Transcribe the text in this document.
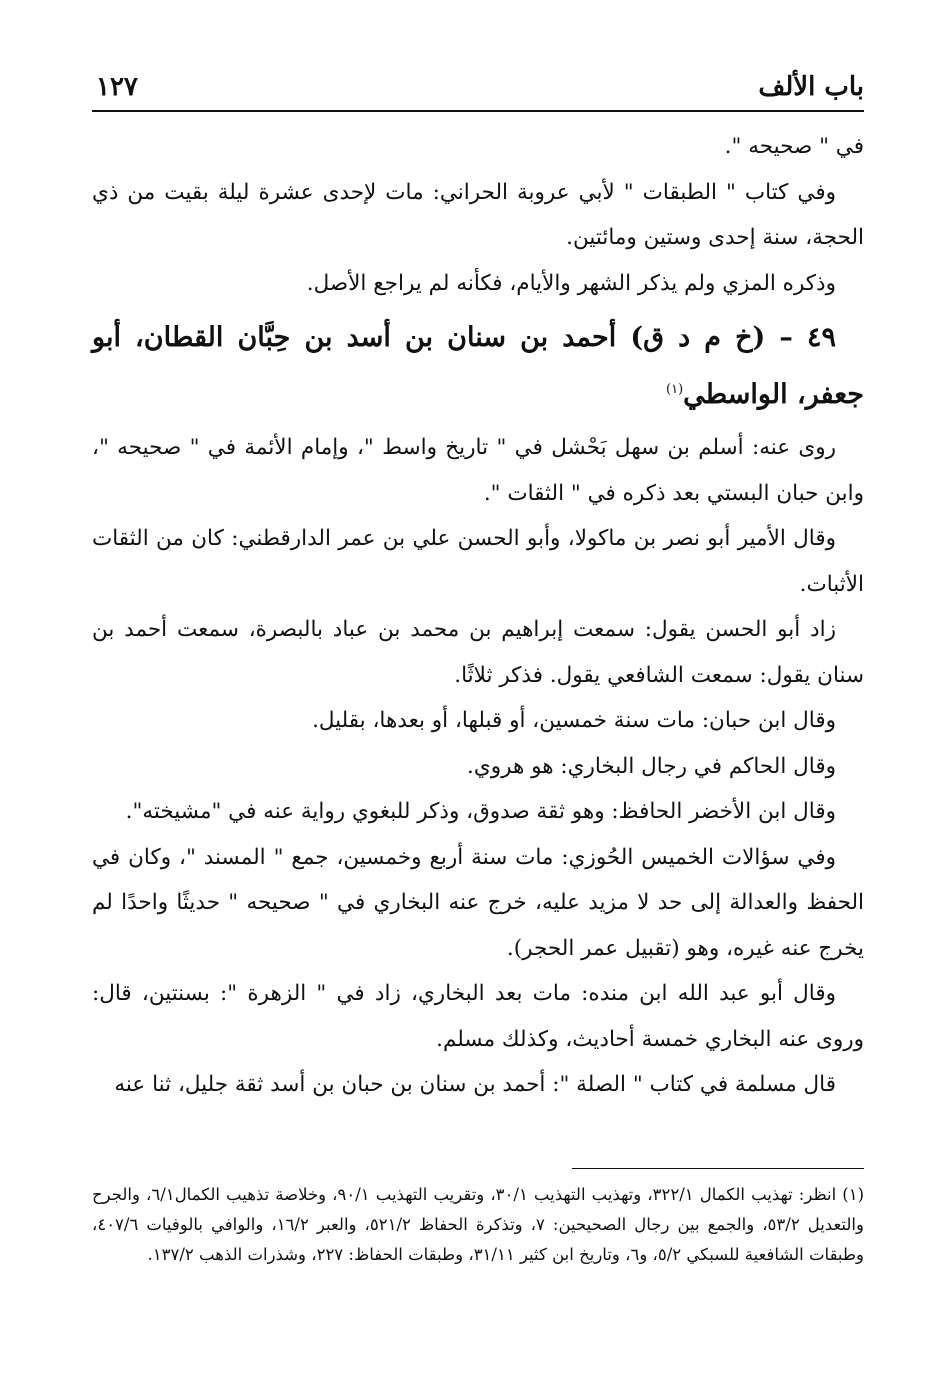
باب الألف
١٢٧

في " صحيحه ".

وفي كتاب " الطبقات " لأبي عروبة الحراني: مات لإحدى عشرة ليلة بقيت من ذي الحجة، سنة إحدى وستين ومائتين.

وذكره المزي ولم يذكر الشهر والأيام، فكأنه لم يراجع الأصل.

٤٩ – (خ م د ق) أحمد بن سنان بن أسد بن حِبَّان القطان، أبو جعفر، الواسطي$^{(١)}$

روى عنه: أسلم بن سهل بَحْشل في " تاريخ واسط "، وإمام الأئمة في " صحيحه "، وابن حبان البستي بعد ذكره في " الثقات ".

وقال الأمير أبو نصر بن ماكولا، وأبو الحسن علي بن عمر الدارقطني: كان من الثقات الأثبات.

زاد أبو الحسن يقول: سمعت إبراهيم بن محمد بن عباد بالبصرة، سمعت أحمد بن سنان يقول: سمعت الشافعي يقول. فذكر ثلاثًا.

وقال ابن حبان: مات سنة خمسين، أو قبلها، أو بعدها، بقليل.

وقال الحاكم في رجال البخاري: هو هروي.

وقال ابن الأخضر الحافظ: وهو ثقة صدوق، وذكر للبغوي رواية عنه في "مشيخته".

وفي سؤالات الخميس الحُوزي: مات سنة أربع وخمسين، جمع " المسند "، وكان في الحفظ والعدالة إلى حد لا مزيد عليه، خرج عنه البخاري في " صحيحه " حديثًا واحدًا لم يخرج عنه غيره، وهو (تقبيل عمر الحجر).

وقال أبو عبد الله ابن منده: مات بعد البخاري، زاد في " الزهرة ": بسنتين، قال: وروى عنه البخاري خمسة أحاديث، وكذلك مسلم.

قال مسلمة في كتاب " الصلة ": أحمد بن سنان بن حبان بن أسد ثقة جليل، ثنا عنه

(١) انظر: تهذيب الكمال ٣٢٢/١، وتهذيب التهذيب ٣٠/١، وتقريب التهذيب ٩٠/١، وخلاصة تذهيب الكمال٦/١، والجرح والتعديل ٥٣/٢، والجمع بين رجال الصحيحين: ٧، وتذكرة الحفاظ ٥٢١/٢، والعبر ١٦/٢، والوافي بالوفيات ٤٠٧/٦، وطبقات الشافعية للسبكي ٥/٢، و٦، وتاريخ ابن كثير ٣١/١١، وطبقات الحفاظ: ٢٢٧، وشذرات الذهب ١٣٧/٢.
